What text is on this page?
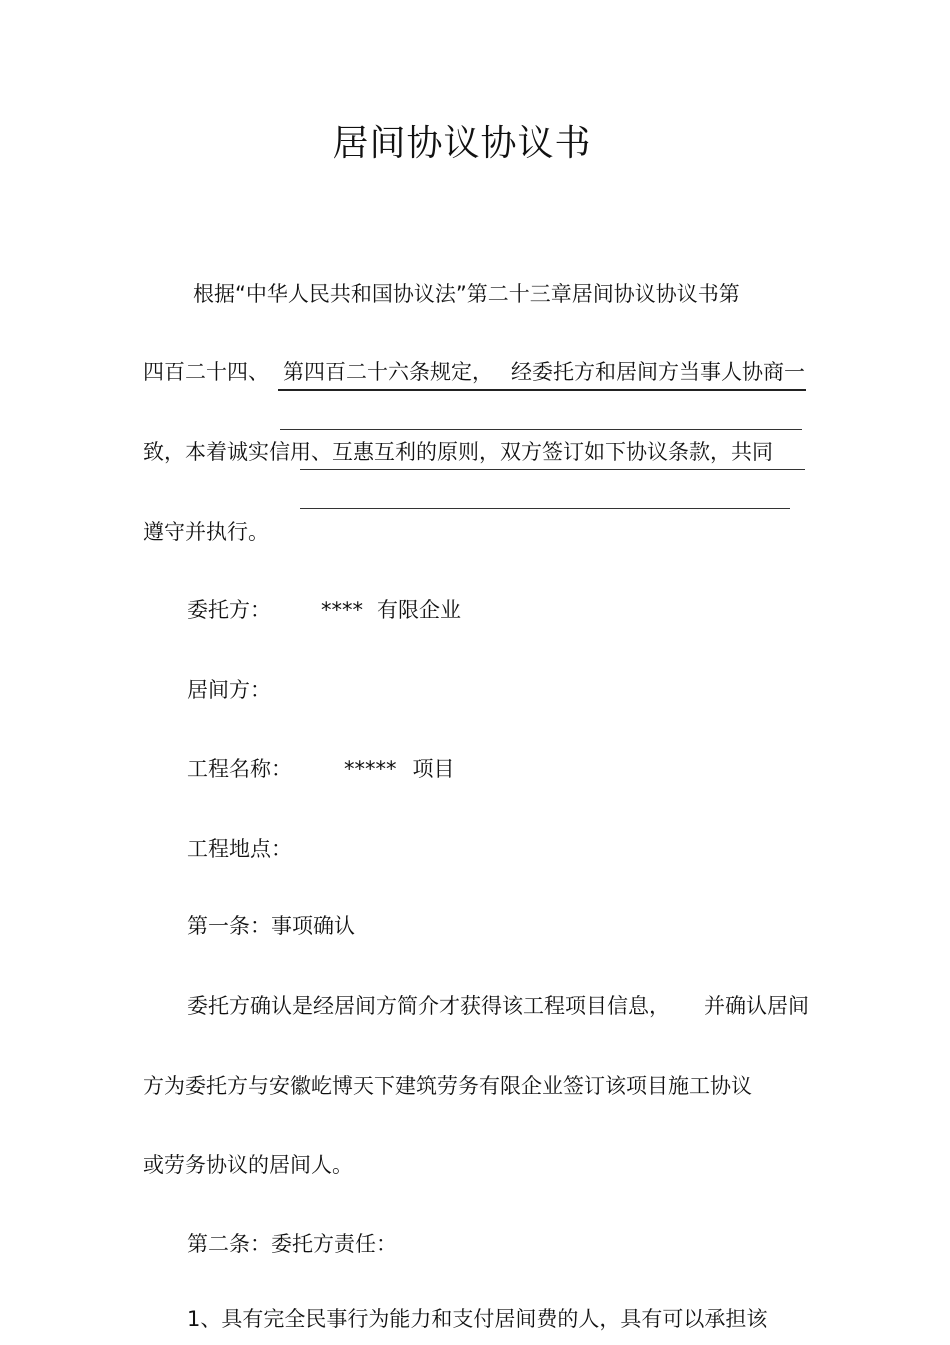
居间协议协议书
根据“中华人民共和国协议法”第二十三章居间协议协议书第
四百二十四、 第四百二十六条规定， 经委托方和居间方当事人协商一
致，本着诚实信用、互惠互利的原则，双方签订如下协议条款，共同
遵守并执行。
委托方： **** 有限企业
居间方：
工程名称： ***** 项目
工程地点：
第一条：事项确认
委托方确认是经居间方简介才获得该工程项目信息， 并确认居间
方为委托方与安徽屹博天下建筑劳务有限企业签订该项目施工协议
或劳务协议的居间人。
第二条：委托方责任：
1、具有完全民事行为能力和支付居间费的人，具有可以承担该
